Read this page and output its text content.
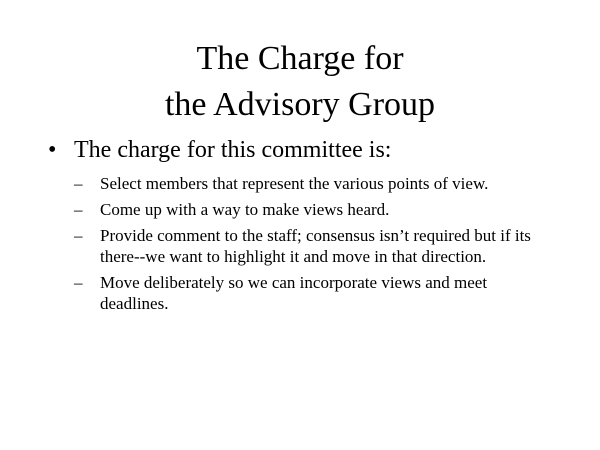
The Charge for
the Advisory Group
• The charge for this committee is:
– Select members that represent the various points of view.
– Come up with a way to make views heard.
– Provide comment to the staff; consensus isn’t required but if its there--we want to highlight it and move in that direction.
– Move deliberately so we can incorporate views and meet deadlines.
